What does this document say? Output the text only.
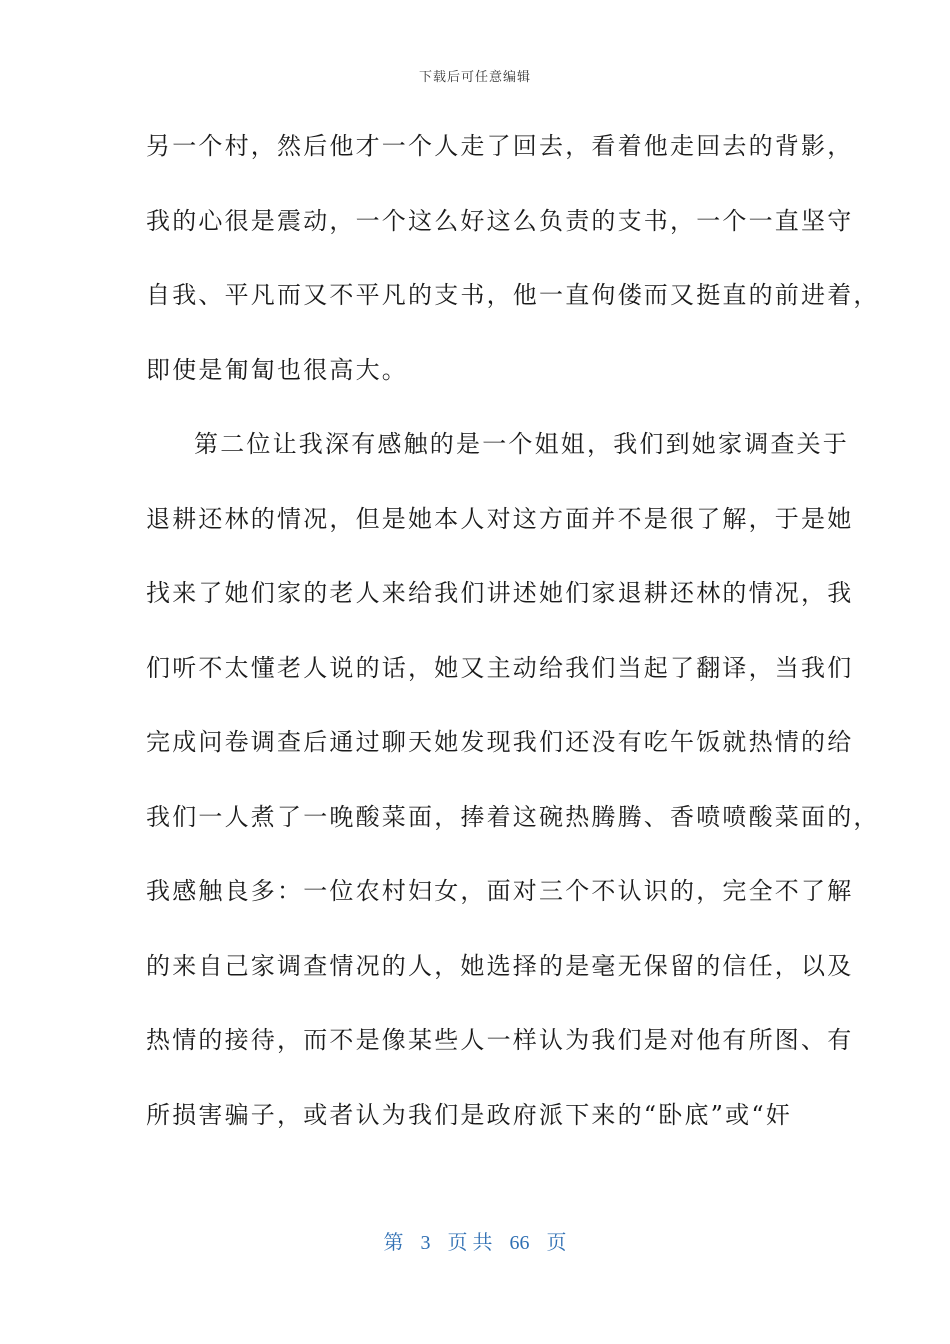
下载后可任意编辑
另一个村，然后他才一个人走了回去，看着他走回去的背影，
我的心很是震动，一个这么好这么负责的支书，一个一直坚守
自我、平凡而又不平凡的支书，他一直佝偻而又挺直的前进着，
即使是匍匐也很高大。
第二位让我深有感触的是一个姐姐，我们到她家调查关于
退耕还林的情况，但是她本人对这方面并不是很了解，于是她
找来了她们家的老人来给我们讲述她们家退耕还林的情况，我
们听不太懂老人说的话，她又主动给我们当起了翻译，当我们
完成问卷调查后通过聊天她发现我们还没有吃午饭就热情的给
我们一人煮了一晚酸菜面，捧着这碗热腾腾、香喷喷酸菜面的，
我感触良多：一位农村妇女，面对三个不认识的，完全不了解
的来自己家调查情况的人，她选择的是毫无保留的信任，以及
热情的接待，而不是像某些人一样认为我们是对他有所图、有
所损害骗子，或者认为我们是政府派下来的“卧底”或“奸
第 3 页 共 66 页
